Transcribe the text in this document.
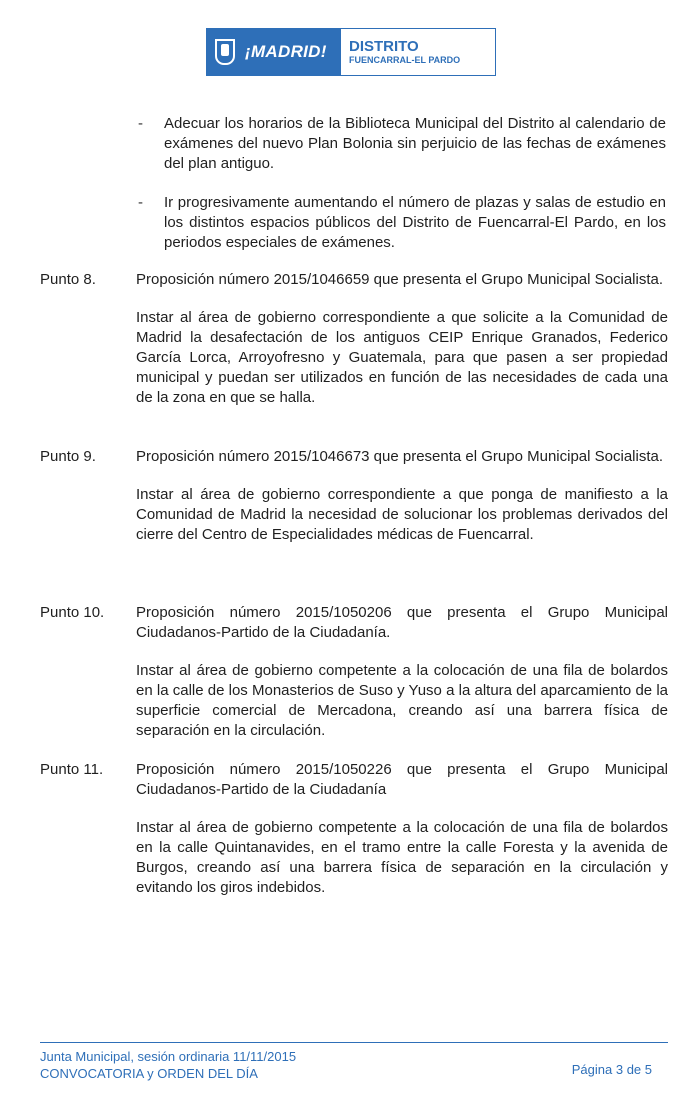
¡MADRID! DISTRITO
FUENCARRAL-EL PARDO
-	Adecuar los horarios de la Biblioteca Municipal del Distrito al calendario de exámenes del nuevo Plan Bolonia sin perjuicio de las fechas de exámenes del plan antiguo.
-	Ir progresivamente aumentando el número de plazas y salas de estudio en los distintos espacios públicos del Distrito de Fuencarral-El Pardo, en los periodos especiales de exámenes.
Punto 8.	Proposición número 2015/1046659 que presenta el Grupo Municipal Socialista.
Instar al área de gobierno correspondiente a que solicite a la Comunidad de Madrid la desafectación de los antiguos CEIP Enrique Granados, Federico García Lorca, Arroyofresno y Guatemala, para que pasen a ser propiedad municipal y puedan ser utilizados en función de las necesidades de cada una de la zona en que se halla.
Punto 9.	Proposición número 2015/1046673 que presenta el Grupo Municipal Socialista.
Instar al área de gobierno correspondiente a que ponga de manifiesto a la Comunidad de Madrid la necesidad de solucionar los problemas derivados del cierre del Centro de Especialidades médicas de Fuencarral.
Punto 10.	Proposición número 2015/1050206 que presenta el Grupo Municipal Ciudadanos-Partido de la Ciudadanía.
Instar al área de gobierno competente a la colocación de una fila de bolardos en la calle de los Monasterios de Suso y Yuso a la altura del aparcamiento de la superficie comercial de Mercadona, creando así una barrera física de separación en la circulación.
Punto 11.	Proposición número 2015/1050226 que presenta el Grupo Municipal Ciudadanos-Partido de la Ciudadanía
Instar al área de gobierno competente a la colocación de una fila de bolardos en la calle Quintanavides, en el tramo entre la calle Foresta y la avenida de Burgos, creando así una barrera física de separación en la circulación y evitando los giros indebidos.
Junta Municipal, sesión ordinaria 11/11/2015
CONVOCATORIA y ORDEN DEL DÍA	Página 3 de 5
